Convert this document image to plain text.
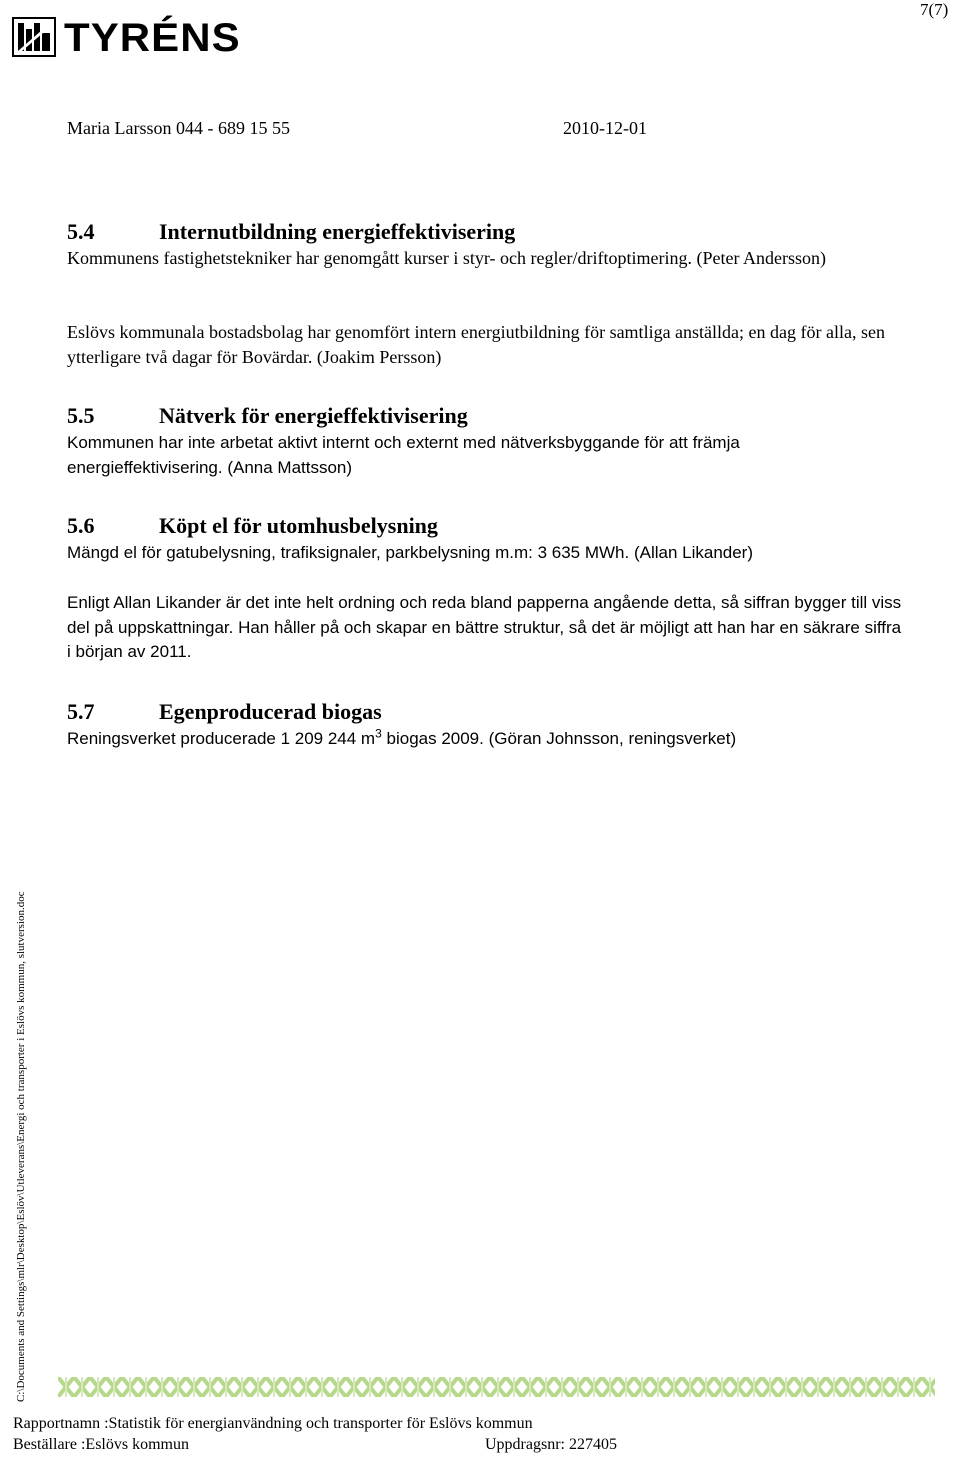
7(7)
TYRÉNS
Maria Larsson 044 - 689 15 55	2010-12-01
5.4	Internutbildning energieffektivisering
Kommunens fastighetstekniker har genomgått kurser i styr- och regler/driftoptimering. (Peter Andersson)
Eslövs kommunala bostadsbolag har genomfört intern energiutbildning för samtliga anställda; en dag för alla, sen ytterligare två dagar för Bovärdar. (Joakim Persson)
5.5	Nätverk för energieffektivisering
Kommunen har inte arbetat aktivt internt och externt med nätverksbyggande för att främja energieffektivisering. (Anna Mattsson)
5.6	Köpt el för utomhusbelysning
Mängd el för gatubelysning, trafiksignaler, parkbelysning m.m: 3 635 MWh. (Allan Likander)
Enligt Allan Likander är det inte helt ordning och reda bland papperna angående detta, så siffran bygger till viss del på uppskattningar. Han håller på och skapar en bättre struktur, så det är möjligt att han har en säkrare siffra i början av 2011.
5.7	Egenproducerad biogas
Reningsverket producerade 1 209 244 $m^3$ biogas 2009. (Göran Johnsson, reningsverket)
C:\Documents and Settings\mlr\Desktop\Eslöv\Utleverans\Energi och transporter i Eslövs kommun, slutversion.doc
Rapportnamn :Statistik för energianvändning och transporter för Eslövs kommun
Beställare :Eslövs kommun	Uppdragsnr: 227405
